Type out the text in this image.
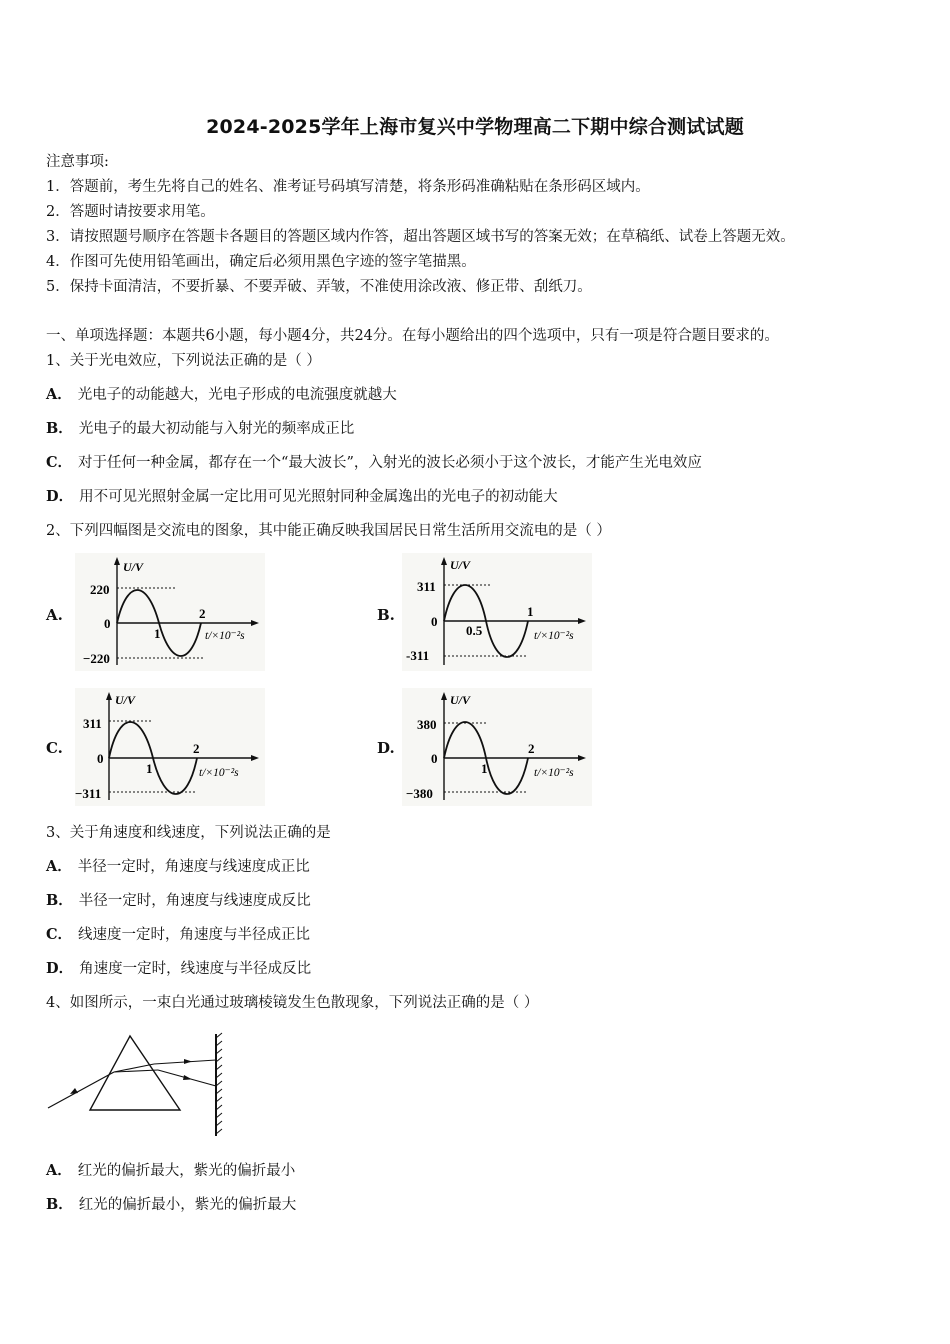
2024-2025学年上海市复兴中学物理高二下期中综合测试试题
注意事项:
1．答题前，考生先将自己的姓名、准考证号码填写清楚，将条形码准确粘贴在条形码区域内。
2．答题时请按要求用笔。
3．请按照题号顺序在答题卡各题目的答题区域内作答，超出答题区域书写的答案无效；在草稿纸、试卷上答题无效。
4．作图可先使用铅笔画出，确定后必须用黑色字迹的签字笔描黑。
5．保持卡面清洁，不要折暴、不要弄破、弄皱，不准使用涂改液、修正带、刮纸刀。
一、单项选择题：本题共6小题，每小题4分，共24分。在每小题给出的四个选项中，只有一项是符合题目要求的。
1、关于光电效应，下列说法正确的是（ ）
A． 光电子的动能越大，光电子形成的电流强度就越大
B． 光电子的最大初动能与入射光的频率成正比
C． 对于任何一种金属，都存在一个“最大波长”，入射光的波长必须小于这个波长，才能产生光电效应
D． 用不可见光照射金属一定比用可见光照射同种金属逸出的光电子的初动能大
2、下列四幅图是交流电的图象，其中能正确反映我国居民日常生活所用交流电的是（ ）
A.	B.
C.	D.
U/V
220
0
−220
1
2
t/×10⁻²s
U/V
311
0
-311
0.5
1
t/×10⁻²s
U/V
311
0
−311
1
2
t/×10⁻²s
U/V
380
0
−380
1
2
t/×10⁻²s
3、关于角速度和线速度，下列说法正确的是
A． 半径一定时，角速度与线速度成正比
B． 半径一定时，角速度与线速度成反比
C． 线速度一定时，角速度与半径成正比
D． 角速度一定时，线速度与半径成反比
4、如图所示，一束白光通过玻璃棱镜发生色散现象，下列说法正确的是（ ）
A． 红光的偏折最大，紫光的偏折最小
B． 红光的偏折最小，紫光的偏折最大
